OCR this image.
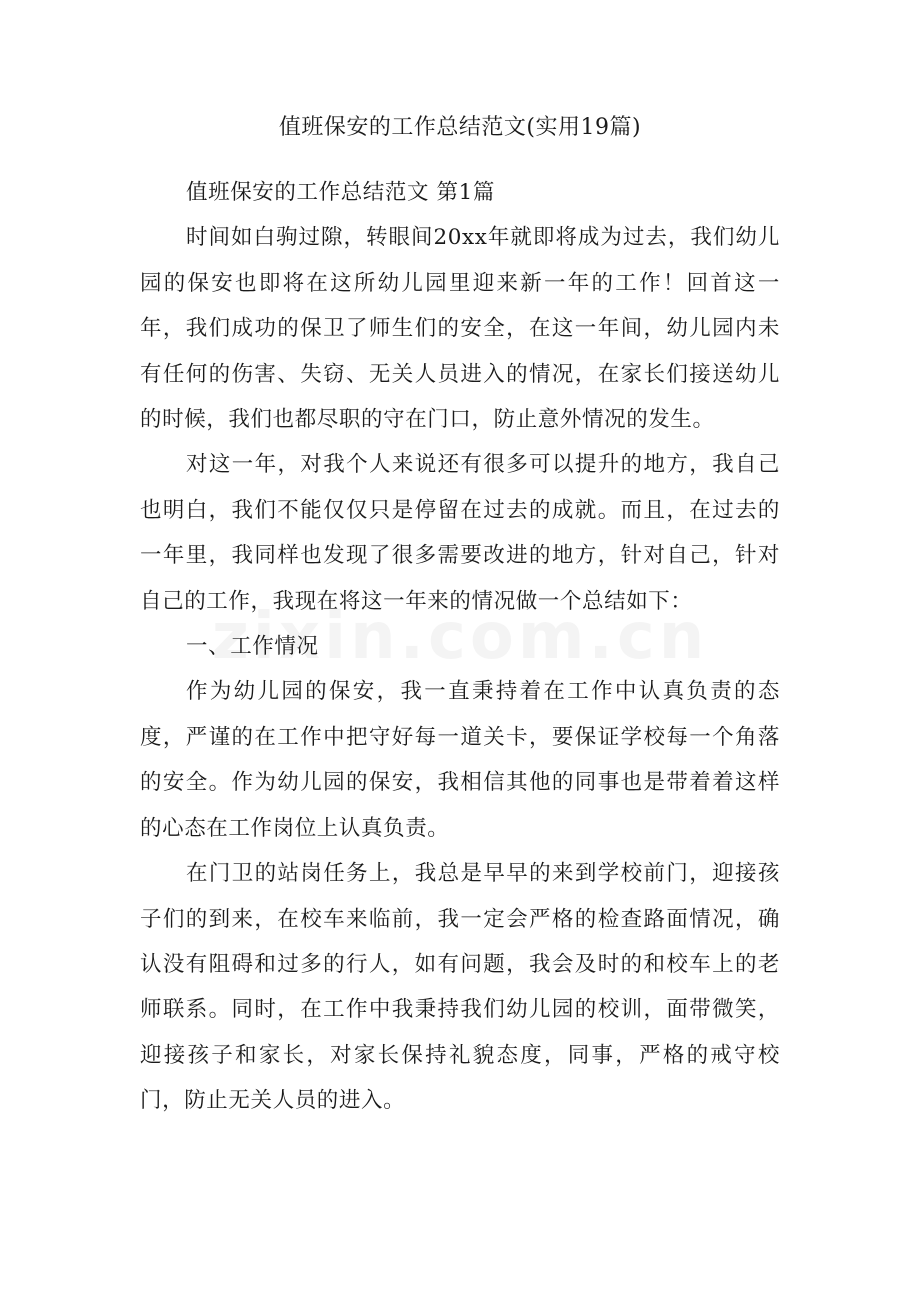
值班保安的工作总结范文(实用19篇)

值班保安的工作总结范文 第1篇

时间如白驹过隙，转眼间20xx年就即将成为过去，我们幼儿园的保安也即将在这所幼儿园里迎来新一年的工作！回首这一年，我们成功的保卫了师生们的安全，在这一年间，幼儿园内未有任何的伤害、失窃、无关人员进入的情况，在家长们接送幼儿的时候，我们也都尽职的守在门口，防止意外情况的发生。

对这一年，对我个人来说还有很多可以提升的地方，我自己也明白，我们不能仅仅只是停留在过去的成就。而且，在过去的一年里，我同样也发现了很多需要改进的地方，针对自己，针对自己的工作，我现在将这一年来的情况做一个总结如下：

一、工作情况

作为幼儿园的保安，我一直秉持着在工作中认真负责的态度，严谨的在工作中把守好每一道关卡，要保证学校每一个角落的安全。作为幼儿园的保安，我相信其他的同事也是带着着这样的心态在工作岗位上认真负责。

在门卫的站岗任务上，我总是早早的来到学校前门，迎接孩子们的到来，在校车来临前，我一定会严格的检查路面情况，确认没有阻碍和过多的行人，如有问题，我会及时的和校车上的老师联系。同时，在工作中我秉持我们幼儿园的校训，面带微笑，迎接孩子和家长，对家长保持礼貌态度，同事，严格的戒守校门，防止无关人员的进入。
